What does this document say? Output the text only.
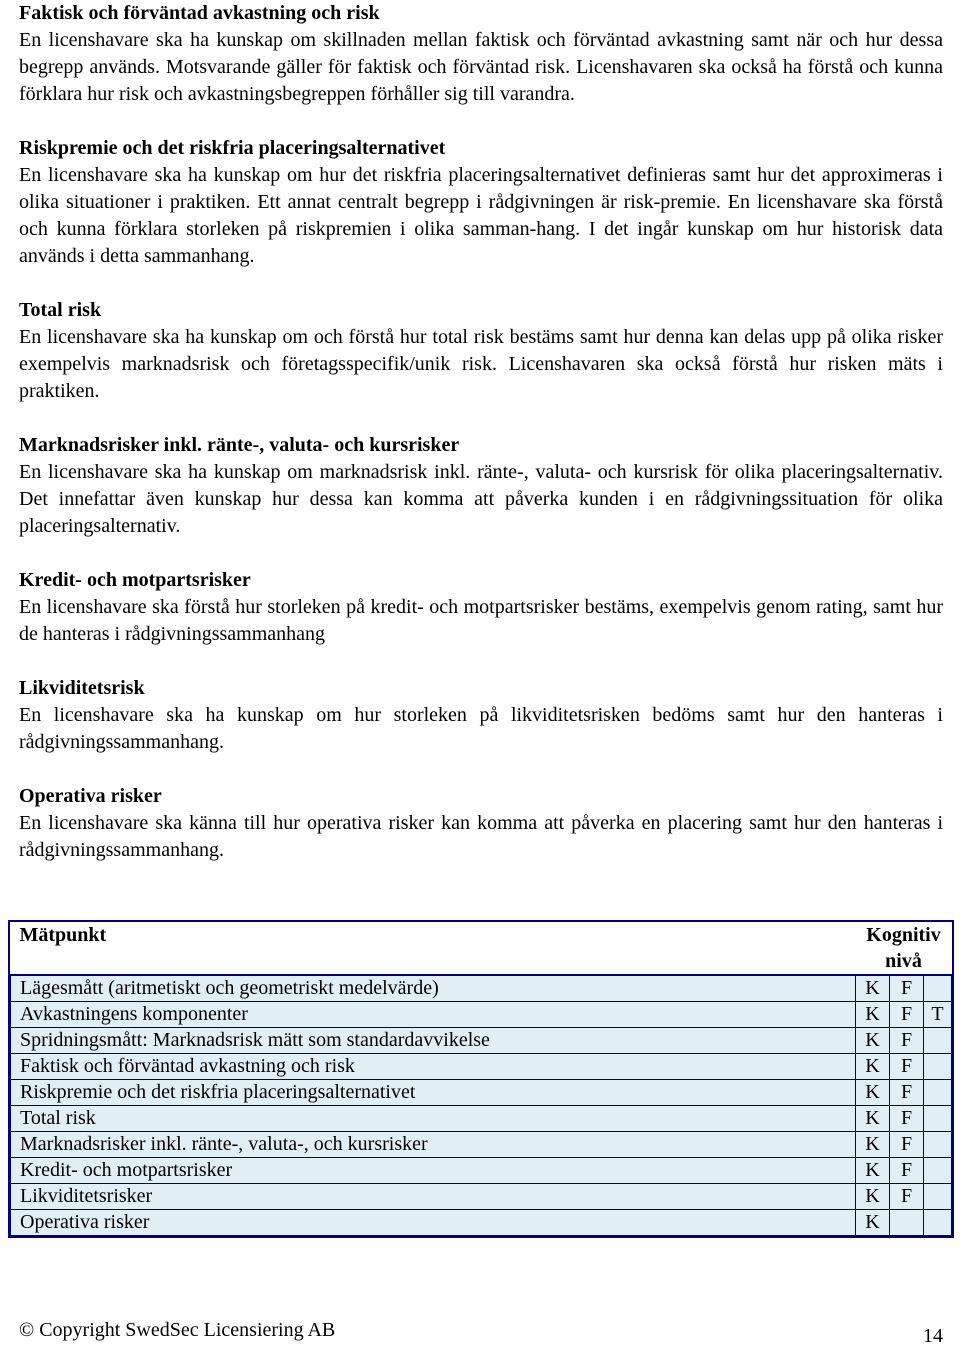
Faktisk och förväntad avkastning och risk

En licenshavare ska ha kunskap om skillnaden mellan faktisk och förväntad avkastning samt när och hur dessa begrepp används. Motsvarande gäller för faktisk och förväntad risk. Licenshavaren ska också ha förstå och kunna förklara hur risk och avkastningsbegreppen förhåller sig till varandra.

Riskpremie och det riskfria placeringsalternativet

En licenshavare ska ha kunskap om hur det riskfria placeringsalternativet definieras samt hur det approximeras i olika situationer i praktiken. Ett annat centralt begrepp i rådgivningen är risk-premie. En licenshavare ska förstå och kunna förklara storleken på riskpremien i olika samman-hang. I det ingår kunskap om hur historisk data används i detta sammanhang.

Total risk

En licenshavare ska ha kunskap om och förstå hur total risk bestäms samt hur denna kan delas upp på olika risker exempelvis marknadsrisk och företagsspecifik/unik risk. Licenshavaren ska också förstå hur risken mäts i praktiken.

Marknadsrisker inkl. ränte-, valuta- och kursrisker

En licenshavare ska ha kunskap om marknadsrisk inkl. ränte-, valuta- och kursrisk för olika placeringsalternativ. Det innefattar även kunskap hur dessa kan komma att påverka kunden i en rådgivningssituation för olika placeringsalternativ.

Kredit- och motpartsrisker

En licenshavare ska förstå hur storleken på kredit- och motpartsrisker bestäms, exempelvis genom rating, samt hur de hanteras i rådgivningssammanhang

Likviditetsrisk

En licenshavare ska ha kunskap om hur storleken på likviditetsrisken bedöms samt hur den hanteras i rådgivningssammanhang.

Operativa risker

En licenshavare ska känna till hur operativa risker kan komma att påverka en placering samt hur den hanteras i rådgivningssammanhang.

Mätpunkt	Kognitiv nivå		
Lägesmått (aritmetiskt och geometriskt medelvärde)	K	F	
Avkastningens komponenter	K	F	T
Spridningsmått: Marknadsrisk mätt som standardavvikelse	K	F	
Faktisk och förväntad avkastning och risk	K	F	
Riskpremie och det riskfria placeringsalternativet	K	F	
Total risk	K	F	
Marknadsrisker inkl. ränte-, valuta-, och kursrisker	K	F	
Kredit- och motpartsrisker	K	F	
Likviditetsrisker	K	F	
Operativa risker	K		
© Copyright SwedSec Licensiering AB	14
